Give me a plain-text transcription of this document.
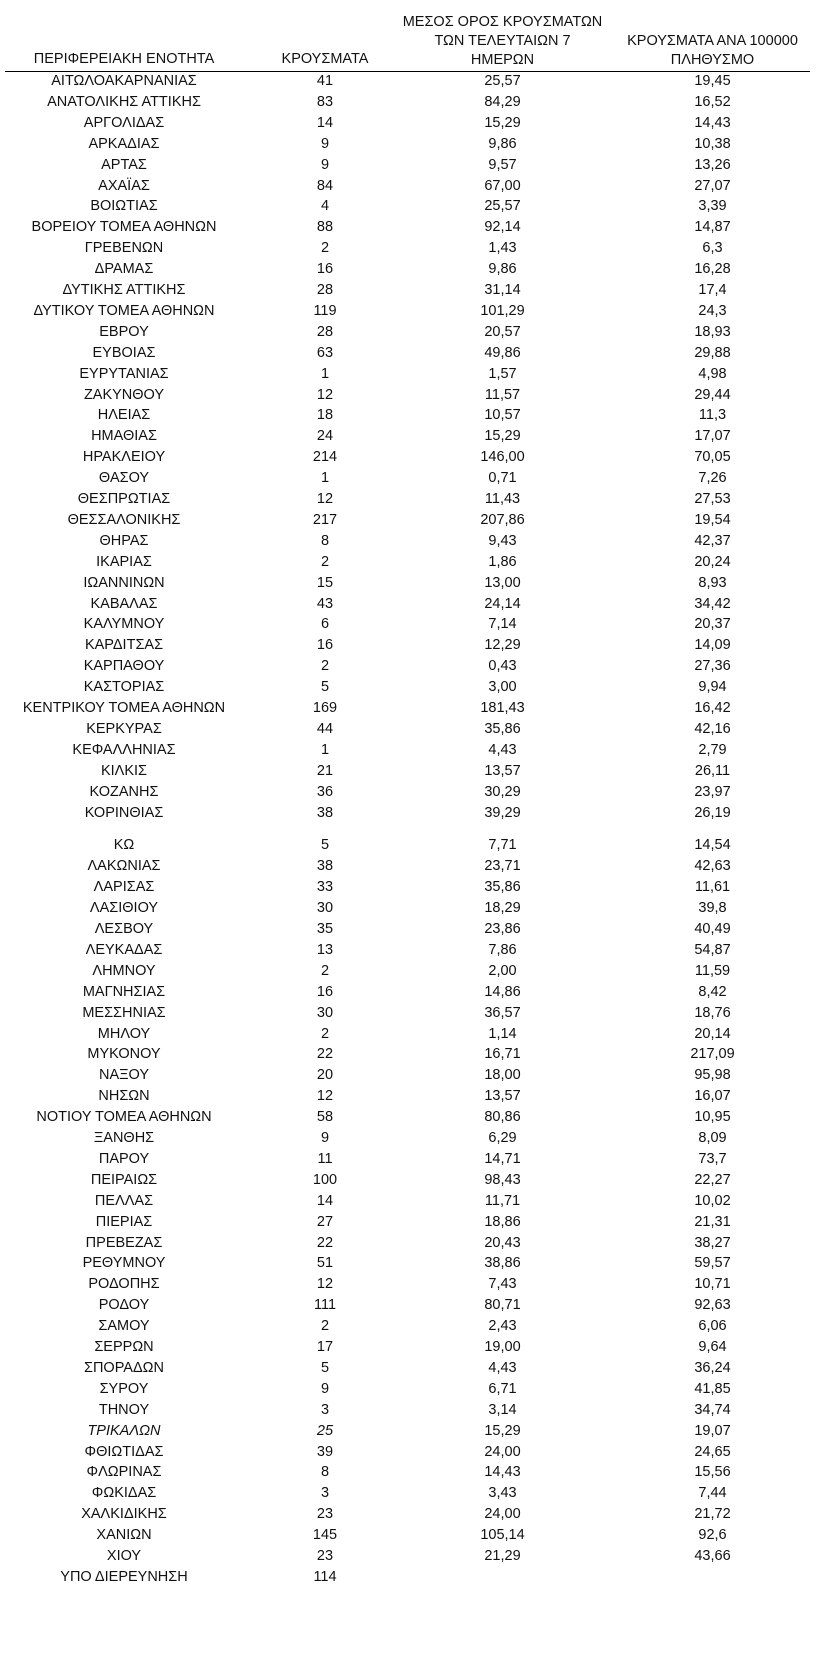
ΠΕΡΙΦΕΡΕΙΑΚΗ ΕΝΟΤΗΤΑ	ΚΡΟΥΣΜΑΤΑ
ΜΕΣΟΣ ΟΡΟΣ ΚΡΟΥΣΜΑΤΩΝ
ΤΩΝ ΤΕΛΕΥΤΑΙΩΝ 7
ΗΜΕΡΩΝ
ΚΡΟΥΣΜΑΤΑ ΑΝΑ 100000
ΠΛΗΘΥΣΜΟ
ΑΙΤΩΛΟΑΚΑΡΝΑΝΙΑΣ	41	25,57	19,45
ΑΝΑΤΟΛΙΚΗΣ ΑΤΤΙΚΗΣ	83	84,29	16,52
ΑΡΓΟΛΙΔΑΣ	14	15,29	14,43
ΑΡΚΑΔΙΑΣ	9	9,86	10,38
ΑΡΤΑΣ	9	9,57	13,26
ΑΧΑΪΑΣ	84	67,00	27,07
ΒΟΙΩΤΙΑΣ	4	25,57	3,39
ΒΟΡΕΙΟΥ ΤΟΜΕΑ ΑΘΗΝΩΝ	88	92,14	14,87
ΓΡΕΒΕΝΩΝ	2	1,43	6,3
ΔΡΑΜΑΣ	16	9,86	16,28
ΔΥΤΙΚΗΣ ΑΤΤΙΚΗΣ	28	31,14	17,4
ΔΥΤΙΚΟΥ ΤΟΜΕΑ ΑΘΗΝΩΝ	119	101,29	24,3
ΕΒΡΟΥ	28	20,57	18,93
ΕΥΒΟΙΑΣ	63	49,86	29,88
ΕΥΡΥΤΑΝΙΑΣ	1	1,57	4,98
ΖΑΚΥΝΘΟΥ	12	11,57	29,44
ΗΛΕΙΑΣ	18	10,57	11,3
ΗΜΑΘΙΑΣ	24	15,29	17,07
ΗΡΑΚΛΕΙΟΥ	214	146,00	70,05
ΘΑΣΟΥ	1	0,71	7,26
ΘΕΣΠΡΩΤΙΑΣ	12	11,43	27,53
ΘΕΣΣΑΛΟΝΙΚΗΣ	217	207,86	19,54
ΘΗΡΑΣ	8	9,43	42,37
ΙΚΑΡΙΑΣ	2	1,86	20,24
ΙΩΑΝΝΙΝΩΝ	15	13,00	8,93
ΚΑΒΑΛΑΣ	43	24,14	34,42
ΚΑΛΥΜΝΟΥ	6	7,14	20,37
ΚΑΡΔΙΤΣΑΣ	16	12,29	14,09
ΚΑΡΠΑΘΟΥ	2	0,43	27,36
ΚΑΣΤΟΡΙΑΣ	5	3,00	9,94
ΚΕΝΤΡΙΚΟΥ ΤΟΜΕΑ ΑΘΗΝΩΝ	169	181,43	16,42
ΚΕΡΚΥΡΑΣ	44	35,86	42,16
ΚΕΦΑΛΛΗΝΙΑΣ	1	4,43	2,79
ΚΙΛΚΙΣ	21	13,57	26,11
ΚΟΖΑΝΗΣ	36	30,29	23,97
ΚΟΡΙΝΘΙΑΣ	38	39,29	26,19
ΚΩ	5	7,71	14,54
ΛΑΚΩΝΙΑΣ	38	23,71	42,63
ΛΑΡΙΣΑΣ	33	35,86	11,61
ΛΑΣΙΘΙΟΥ	30	18,29	39,8
ΛΕΣΒΟΥ	35	23,86	40,49
ΛΕΥΚΑΔΑΣ	13	7,86	54,87
ΛΗΜΝΟΥ	2	2,00	11,59
ΜΑΓΝΗΣΙΑΣ	16	14,86	8,42
ΜΕΣΣΗΝΙΑΣ	30	36,57	18,76
ΜΗΛΟΥ	2	1,14	20,14
ΜΥΚΟΝΟΥ	22	16,71	217,09
ΝΑΞΟΥ	20	18,00	95,98
ΝΗΣΩΝ	12	13,57	16,07
ΝΟΤΙΟΥ ΤΟΜΕΑ ΑΘΗΝΩΝ	58	80,86	10,95
ΞΑΝΘΗΣ	9	6,29	8,09
ΠΑΡΟΥ	11	14,71	73,7
ΠΕΙΡΑΙΩΣ	100	98,43	22,27
ΠΕΛΛΑΣ	14	11,71	10,02
ΠΙΕΡΙΑΣ	27	18,86	21,31
ΠΡΕΒΕΖΑΣ	22	20,43	38,27
ΡΕΘΥΜΝΟΥ	51	38,86	59,57
ΡΟΔΟΠΗΣ	12	7,43	10,71
ΡΟΔΟΥ	111	80,71	92,63
ΣΑΜΟΥ	2	2,43	6,06
ΣΕΡΡΩΝ	17	19,00	9,64
ΣΠΟΡΑΔΩΝ	5	4,43	36,24
ΣΥΡΟΥ	9	6,71	41,85
ΤΗΝΟΥ	3	3,14	34,74
ΤΡΙΚΑΛΩΝ	25	15,29	19,07
ΦΘΙΩΤΙΔΑΣ	39	24,00	24,65
ΦΛΩΡΙΝΑΣ	8	14,43	15,56
ΦΩΚΙΔΑΣ	3	3,43	7,44
ΧΑΛΚΙΔΙΚΗΣ	23	24,00	21,72
ΧΑΝΙΩΝ	145	105,14	92,6
ΧΙΟΥ	23	21,29	43,66
ΥΠΟ ΔΙΕΡΕΥΝΗΣΗ	114
